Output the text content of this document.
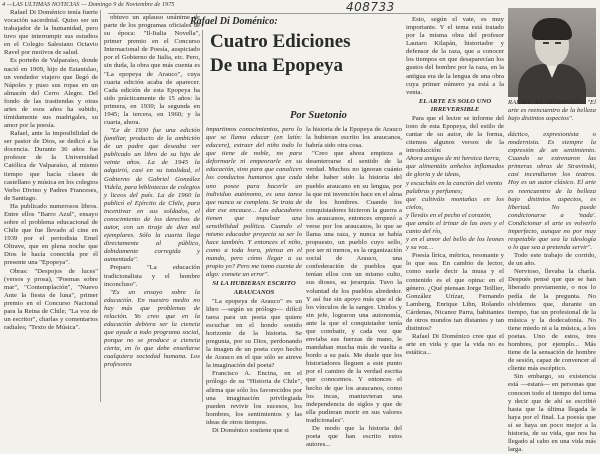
4 —LAS ULTIMAS NOTICIAS — Domingo 9 de Noviembre de 1975	408733
Rafael Di Doménico:
Cuatro Ediciones
De una Epopeya
Por Suetonio

Rafael Di Doménico tenía fuerte vocación sacerdotal. Quiso ser un trabajador de la humanidad, pero tuvo que interrumpir sus estudios en el Colegio Salesiano Octavio Ravel por motivos de salud.

Es porteño de Valparaíso, donde nació en 1909, hijo de Estanislao, un vendedor viajero que llegó de Nápoles y puso sus ropas en un almacén del Cerro Alegre. Del fondo de las trastiendas y otras artes de esos años ha subido, tímidamente sus madrigales, su amor por la poesía.

Rafael, ante la imposibilidad de ser pastor de Dios, se dedicó a la docencia. Durante 36 años fue profesor de la Universidad Católica de Valparaíso, al mismo tiempo que hacía clases de castellano y música en los colegios Verbo Divino y Padres Franceses, de Santiago.

Ha publicado numerosos libros. Entre ellos "Barro Azul", ensayo sobre el problema educacional de Chile que fue llevado al cine en 1939 por el periodista Emel Oltrave, que en plena noche que Dios le hacía conocida por él presente una "Epopeya".

Obras: "Despojos de luces" (versos y prosa), "Poemas sobre mar", "Contemplación", "Nuevo Ante la fiesta de luna", primer premio en el Concurso Nacional para la Reina de Chile; "La voz de un escritor", charlas y comentarios radiales; "Texto de Música".

obtuvo un aplauso unánime de parte de los programas oficiales de su época: "Il-Italia Novella", primer premio en el Concurso Internacional de Poesía, auspiciado por el Gobierno de Italia, etc. Pero, sin duda, la obra que más cuenta es "La epopeya de Arauco", cuya cuarta edición acaba de aparecer. Cada edición de esta Epopeya ha sido prácticamente de 15 años: la primera, en 1930; la segunda en 1945; la tercera, en 1960; y la cuarta, ahora.

"Le de 1930 fue una edición familiar, producto de la ambición de un padre que deseaba ver publicado un libro de su hijo de veinte años. La de 1945 la adquirió, casi en su totalidad, el Gobierno de Gabriel González Videla, para bibliotecas de colegios y liceos del país. La de 1960 la publicó el Ejército de Chile, para incentivar en sus soldados, el conocimiento de los derechos de autor, con un tiraje de diez mil ejemplares. Sólo la cuarta llega directamente al público, debidamente corregida y aumentada".

Preparo "La educación tradicionalista y el hombre inconcluso".

"Es un ensayo sobre la educación. En nuestro medio no hay más que problemas de relación. Yo creo que en la educación debiera ser la ciencia que ayude a todo programa social, porque no se produce a ciencia cierta, en lo que debe enseñarse cualquiera sociedad humana. Los profesores

impartimos conocimientos, pero lo que se llama educar (en latín: educere), extraer del niño todo lo que tiene de noble, no para deformarle ni empeorarle en su educación, sino para que canalicen los conductos humanos que cada uno posee para hacerle un individuo autónomo, es una tarea que nunca se completa. Se trata de dar ese encauce... Los educadores tienen que impulsar una sensibilidad política. Cuando el mismo educador proyecta su ser lo hace también. Y entonces el niño, como a toda hora, piensa en el mando, pero cómo llegar a su propio yo? Pero me tomo cuenta de algo: comete un error".

SI LA HUBIERAN ESCRITO ARAUCANOS

"La epopeya de Arauco" es un libro —según su prólogo— difícil tarea para un poeta que quiere escuchar en el hondo sonido horizonte de la historia. Se pregunta, por su Dios, perdonando la imagen de un poeta cuyo hecho de Arauco en el que sólo se atreve la imaginación del poeta?

Francisco A. Encina, en el prólogo de su "Historia de Chile", afirma que sólo los favorecidos por una imaginación privilegiada pueden revivir los sucesos, los hombres, los sentimientos y las ideas de otros tiempos.

Di Doménico sostiene que si

la historia de la Epopeya de Arauco la hubieran escrito los araucanos, habría sido otra cosa.

"Creo que ahora empieza a desenterrarse el sentido de la verdad. Muchos no ignoran cuánto debe haber sido la historia del pueblo araucano en su lengua, por la que mi invención hace en el alma de los hombres. Cuando los conquistadores hicieron la guerra a los araucanos, entonces empezó a verse por los araucanos, lo que se llama una raza, y nunca se había propuesto, un pueblo cuyo sello, por ser ni menos, es la organización social de Arauco, una confederación de pueblos que tenían ellos con un mismo culto, sus dioses, su jerarquía. Tuvo la voluntad de los pueblos alrededor. Y así fue sin apoyo más que el de los vínculos de la sangre. Unidos y sin jefe, lograron una autonomía, ante la que el conquistador tenía que combatir, y cada vez que enviaba sus fuerzas de mano, le mandaban mucha más de vuelta a bordo a su país. Me duele que los historiadores lleguen a este punto por el camino de la verdad escrita que conocemos. Y entonces el hecho de que los araucanos, como los incas, mantuvieran una independencia de siglos y que de ella pudieran morir en sus valores tradicionales".

De modo que la historia del poeta que han escrito estos autores...

Esto, según el vate, es muy importante. Y el tema está tratado por la misma obra del profesor Lautaro Kilapán, historiador y defensor de la raza, que a conocer los tiempos en que desaparecían los gustos del hombre por la raza, en la antigua era de la lengua de una obra cuya primer número ya está a la venta.

EL ARTE ES SOLO UNO IRREVERSIBLE

Para que el lector se informe del tono de esta Epopeya, del estilo de cantar de su autor, de la forma, citemos algunos versos de la introducción:

Ahora amigos de mi heroica tierra,

que alimentáis anhelos inflamados de gloria y de ideas,

y escucháis en la canción del viento

palabras y perfumes;

que cultiváis montañas en los cielos,

y lleváis en el pecho el corazón,

que amáis el trinar de las aves y el canto del río,

y en el amor del bello de los leones y su voz…

Poesía lírica, métrica, resonante y lo que sea. En cambio de lector, como suele decir la musa y el contenido es el que opina: en el género. ¿Qué piensan Jorge Teillier, González Urízar, Fernando Lamberg, Enrique Lihn, Rolando Cárdenas, Nicanor Parra, habitantes de otros mundos tan distantes y tan distintos?

Rafael Di Doménico cree que el arte en vida y que la vida no es estática...

RAFAEL DI DOMÉNICO: "El arte es reencuentro de la belleza bajo distintos aspectos".

dáctico, expresionista o modernista. Es siempre la expresión de un sentimiento. Cuando se estrenaron las primeras obras de Stravinski, casi incendiaron los teatros. Hoy es un autor clásico. El arte es reencuentro de la belleza bajo distintos aspectos, es libertad. No puede condicionarse a 'nada'. Condicionar el arte es volverlo imperfecto, aunque no por muy respetable que sea la ideología o lo que sea a pretenda servir".

Todo este trabajo de corrido, de un año.

Nervioso, llevaba la charla. Después pensé que que se han liberado previamente, o nos lo pedía de la pregunta. No olvidemos que, durante un tiempo, fue un profesional de la música y la dodecafonía. No tiene miedo ni a la música, a los poetas. Uno de estos, tres hombres, por ejemplo... Más tiene de la sensación de hombre de sesión, capaz de convencer al cliente más escéptico.

Sin embargo, su existencia está —estará— en personas que conocen todo el tiempo del tema y decir que de ahí se escribió hasta que la última llegada le haya por el final. La poesía que sí se haya un poco mejor a la historia, de su vida, que nos ha llegado al cabo en una vida más larga.
